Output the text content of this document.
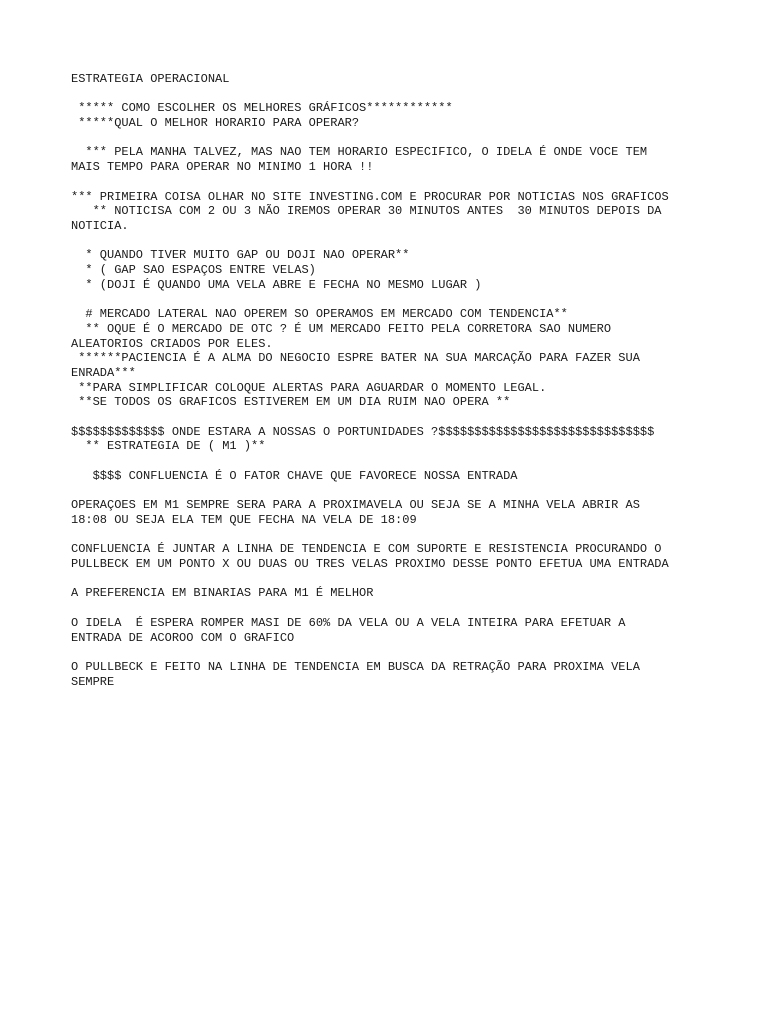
ESTRATEGIA OPERACIONAL
***** COMO ESCOLHER OS MELHORES GRÁFICOS************
*****QUAL O MELHOR HORARIO PARA OPERAR?
*** PELA MANHA TALVEZ, MAS NAO TEM HORARIO ESPECIFICO, O IDELA É ONDE VOCE TEM
MAIS TEMPO PARA OPERAR NO MINIMO 1 HORA !!
*** PRIMEIRA COISA OLHAR NO SITE INVESTING.COM E PROCURAR POR NOTICIAS NOS GRAFICOS
** NOTICISA COM 2 OU 3 NÃO IREMOS OPERAR 30 MINUTOS ANTES  30 MINUTOS DEPOIS DA
NOTICIA.
* QUANDO TIVER MUITO GAP OU DOJI NAO OPERAR**
* ( GAP SAO ESPAÇOS ENTRE VELAS)
* (DOJI É QUANDO UMA VELA ABRE E FECHA NO MESMO LUGAR )
# MERCADO LATERAL NAO OPEREM SO OPERAMOS EM MERCADO COM TENDENCIA**
** OQUE É O MERCADO DE OTC ? É UM MERCADO FEITO PELA CORRETORA SAO NUMERO
ALEATORIOS CRIADOS POR ELES.
******PACIENCIA É A ALMA DO NEGOCIO ESPRE BATER NA SUA MARCAÇÃO PARA FAZER SUA
ENRADA***
**PARA SIMPLIFICAR COLOQUE ALERTAS PARA AGUARDAR O MOMENTO LEGAL.
**SE TODOS OS GRAFICOS ESTIVEREM EM UM DIA RUIM NAO OPERA **
$$$$$$$$$$$$$ ONDE ESTARA A NOSSAS O PORTUNIDADES ?$$$$$$$$$$$$$$$$$$$$$$$$$$$$$$
** ESTRATEGIA DE ( M1 )**
$$$$ CONFLUENCIA É O FATOR CHAVE QUE FAVORECE NOSSA ENTRADA
OPERAÇOES EM M1 SEMPRE SERA PARA A PROXIMAVELA OU SEJA SE A MINHA VELA ABRIR AS
18:08 OU SEJA ELA TEM QUE FECHA NA VELA DE 18:09
CONFLUENCIA É JUNTAR A LINHA DE TENDENCIA E COM SUPORTE E RESISTENCIA PROCURANDO O
PULLBECK EM UM PONTO X OU DUAS OU TRES VELAS PROXIMO DESSE PONTO EFETUA UMA ENTRADA
A PREFERENCIA EM BINARIAS PARA M1 É MELHOR
O IDELA  É ESPERA ROMPER MASI DE 60% DA VELA OU A VELA INTEIRA PARA EFETUAR A
ENTRADA DE ACOROO COM O GRAFICO
O PULLBECK E FEITO NA LINHA DE TENDENCIA EM BUSCA DA RETRAÇÃO PARA PROXIMA VELA
SEMPRE
